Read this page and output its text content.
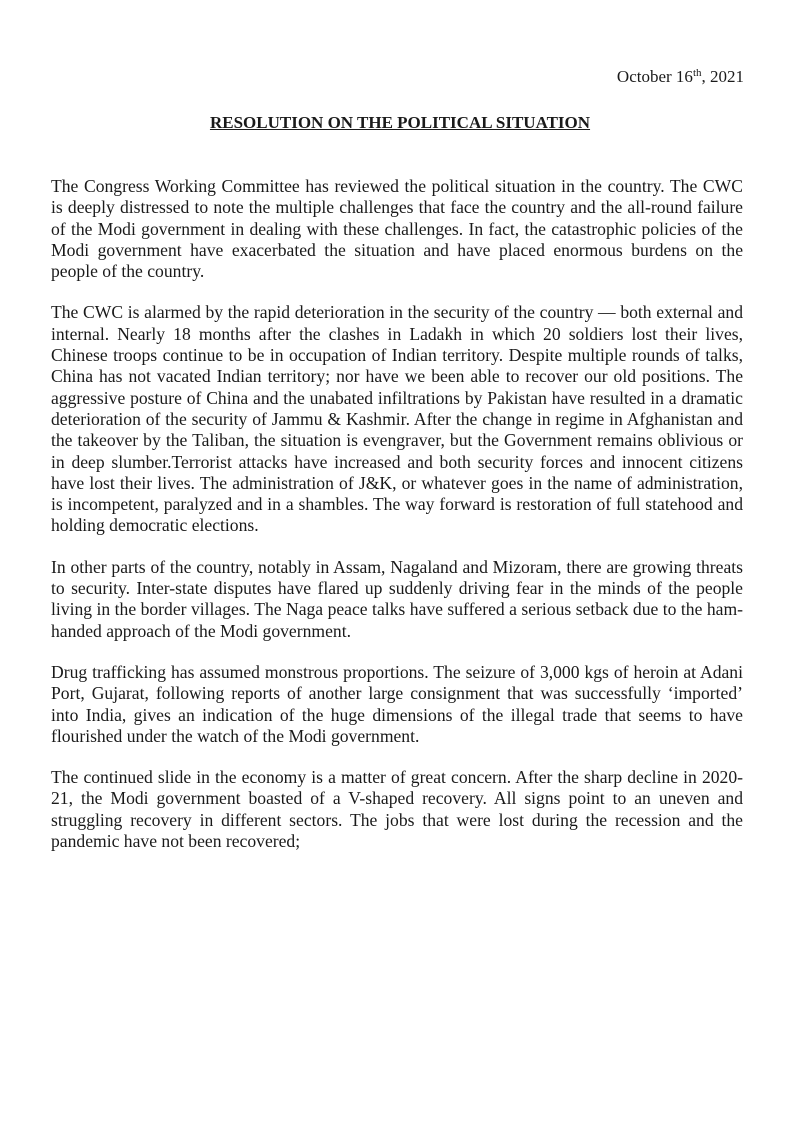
October 16th, 2021
RESOLUTION ON THE POLITICAL SITUATION

The Congress Working Committee has reviewed the political situation in the country. The CWC is deeply distressed to note the multiple challenges that face the country and the all-round failure of the Modi government in dealing with these challenges. In fact, the catastrophic policies of the Modi government have exacerbated the situation and have placed enormous burdens on the people of the country.

The CWC is alarmed by the rapid deterioration in the security of the country — both external and internal. Nearly 18 months after the clashes in Ladakh in which 20 soldiers lost their lives, Chinese troops continue to be in occupation of Indian territory. Despite multiple rounds of talks, China has not vacated Indian territory; nor have we been able to recover our old positions. The aggressive posture of China and the unabated infiltrations by Pakistan have resulted in a dramatic deterioration of the security of Jammu & Kashmir. After the change in regime in Afghanistan and the takeover by the Taliban, the situation is evengraver, but the Government remains oblivious or in deep slumber.Terrorist attacks have increased and both security forces and innocent citizens have lost their lives. The administration of J&K, or whatever goes in the name of administration, is incompetent, paralyzed and in a shambles. The way forward is restoration of full statehood and holding democratic elections.

In other parts of the country, notably in Assam, Nagaland and Mizoram, there are growing threats to security. Inter-state disputes have flared up suddenly driving fear in the minds of the people living in the border villages. The Naga peace talks have suffered a serious setback due to the ham-handed approach of the Modi government.

Drug trafficking has assumed monstrous proportions. The seizure of 3,000 kgs of heroin at Adani Port, Gujarat, following reports of another large consignment that was successfully ‘imported’ into India, gives an indication of the huge dimensions of the illegal trade that seems to have flourished under the watch of the Modi government.

The continued slide in the economy is a matter of great concern. After the sharp decline in 2020-21, the Modi government boasted of a V-shaped recovery. All signs point to an uneven and struggling recovery in different sectors. The jobs that were lost during the recession and the pandemic have not been recovered;
